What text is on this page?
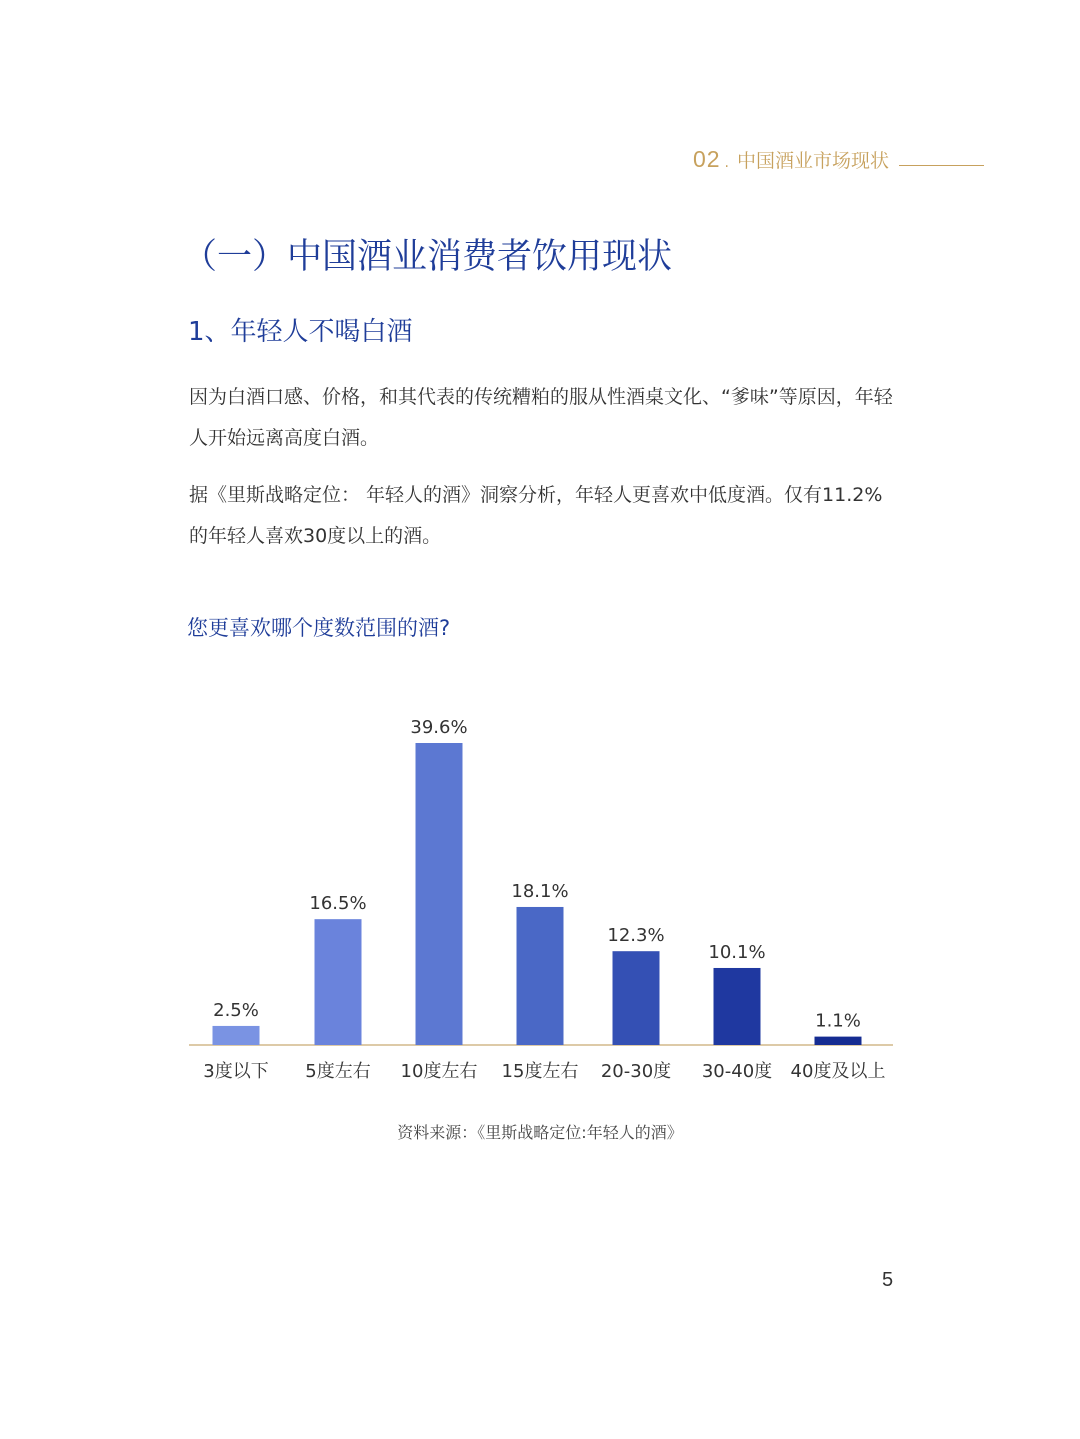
02 . 中国酒业市场现状
（一）中国酒业消费者饮用现状
1、年轻人不喝白酒
因为白酒口感、价格，和其代表的传统糟粕的服从性酒桌文化、“爹味”等原因，年轻人开始远离高度白酒。
据《里斯战略定位： 年轻人的酒》洞察分析，年轻人更喜欢中低度酒。仅有11.2%的年轻人喜欢30度以上的酒。
您更喜欢哪个度数范围的酒?
2.5%
3度以下
16.5%
5度左右
39.6%
10度左右
18.1%
15度左右
12.3%
20-30度
10.1%
30-40度
1.1%
40度及以上
资料来源：《里斯战略定位:年轻人的酒》
5
